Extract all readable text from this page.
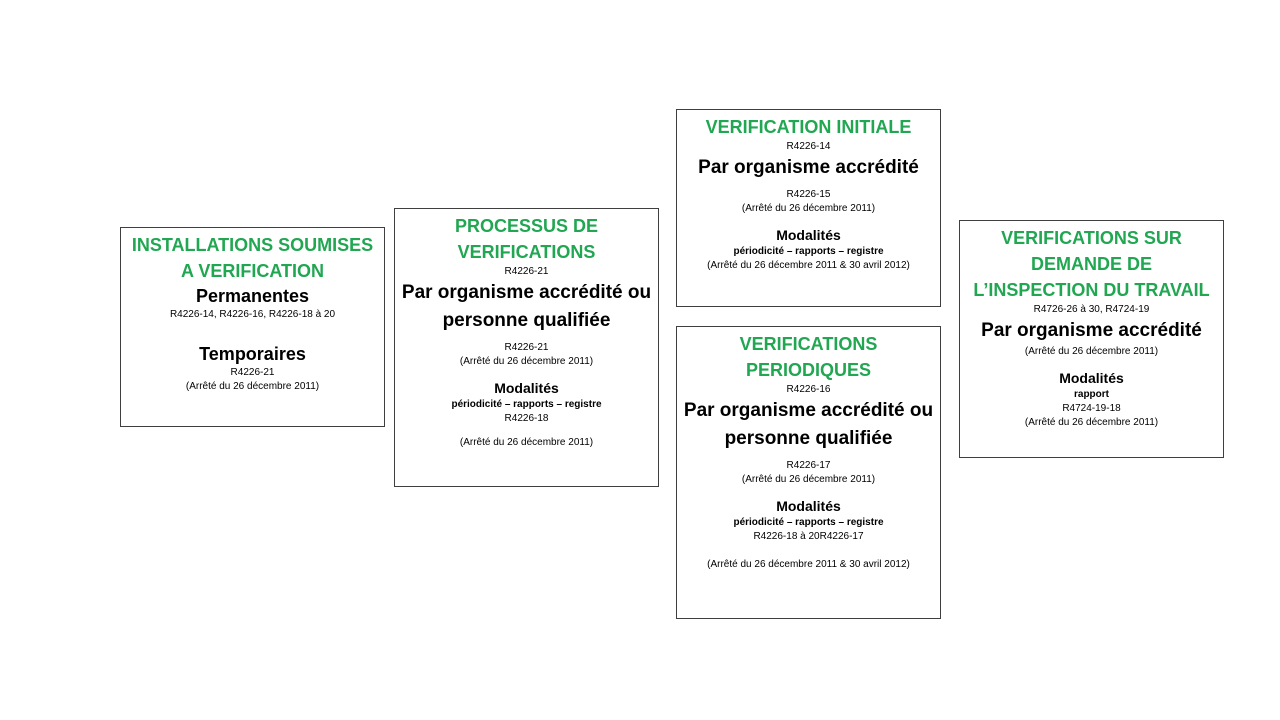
INSTALLATIONS SOUMISES
A VERIFICATION
Permanentes
R4226-14, R4226-16, R4226-18 à 20
Temporaires
R4226-21
(Arrêté du 26 décembre 2011)
PROCESSUS DE
VERIFICATIONS
R4226-21
Par organisme accrédité ou
personne qualifiée
R4226-21
(Arrêté du 26 décembre 2011)
Modalités
périodicité – rapports – registre
R4226-18
(Arrêté du 26 décembre 2011)
VERIFICATION INITIALE
R4226-14
Par organisme accrédité
R4226-15
(Arrêté du 26 décembre 2011)
Modalités
périodicité – rapports – registre
(Arrêté du 26 décembre 2011 & 30 avril 2012)
VERIFICATIONS
PERIODIQUES
R4226-16
Par organisme accrédité ou
personne qualifiée
R4226-17
(Arrêté du 26 décembre 2011)
Modalités
périodicité – rapports – registre
R4226-18 à 20R4226-17
(Arrêté du 26 décembre 2011 & 30 avril 2012)
VERIFICATIONS SUR
DEMANDE DE
L’INSPECTION DU TRAVAIL
R4726-26 à 30, R4724-19
Par organisme accrédité
(Arrêté du 26 décembre 2011)
Modalités
rapport
R4724-19-18
(Arrêté du 26 décembre 2011)
